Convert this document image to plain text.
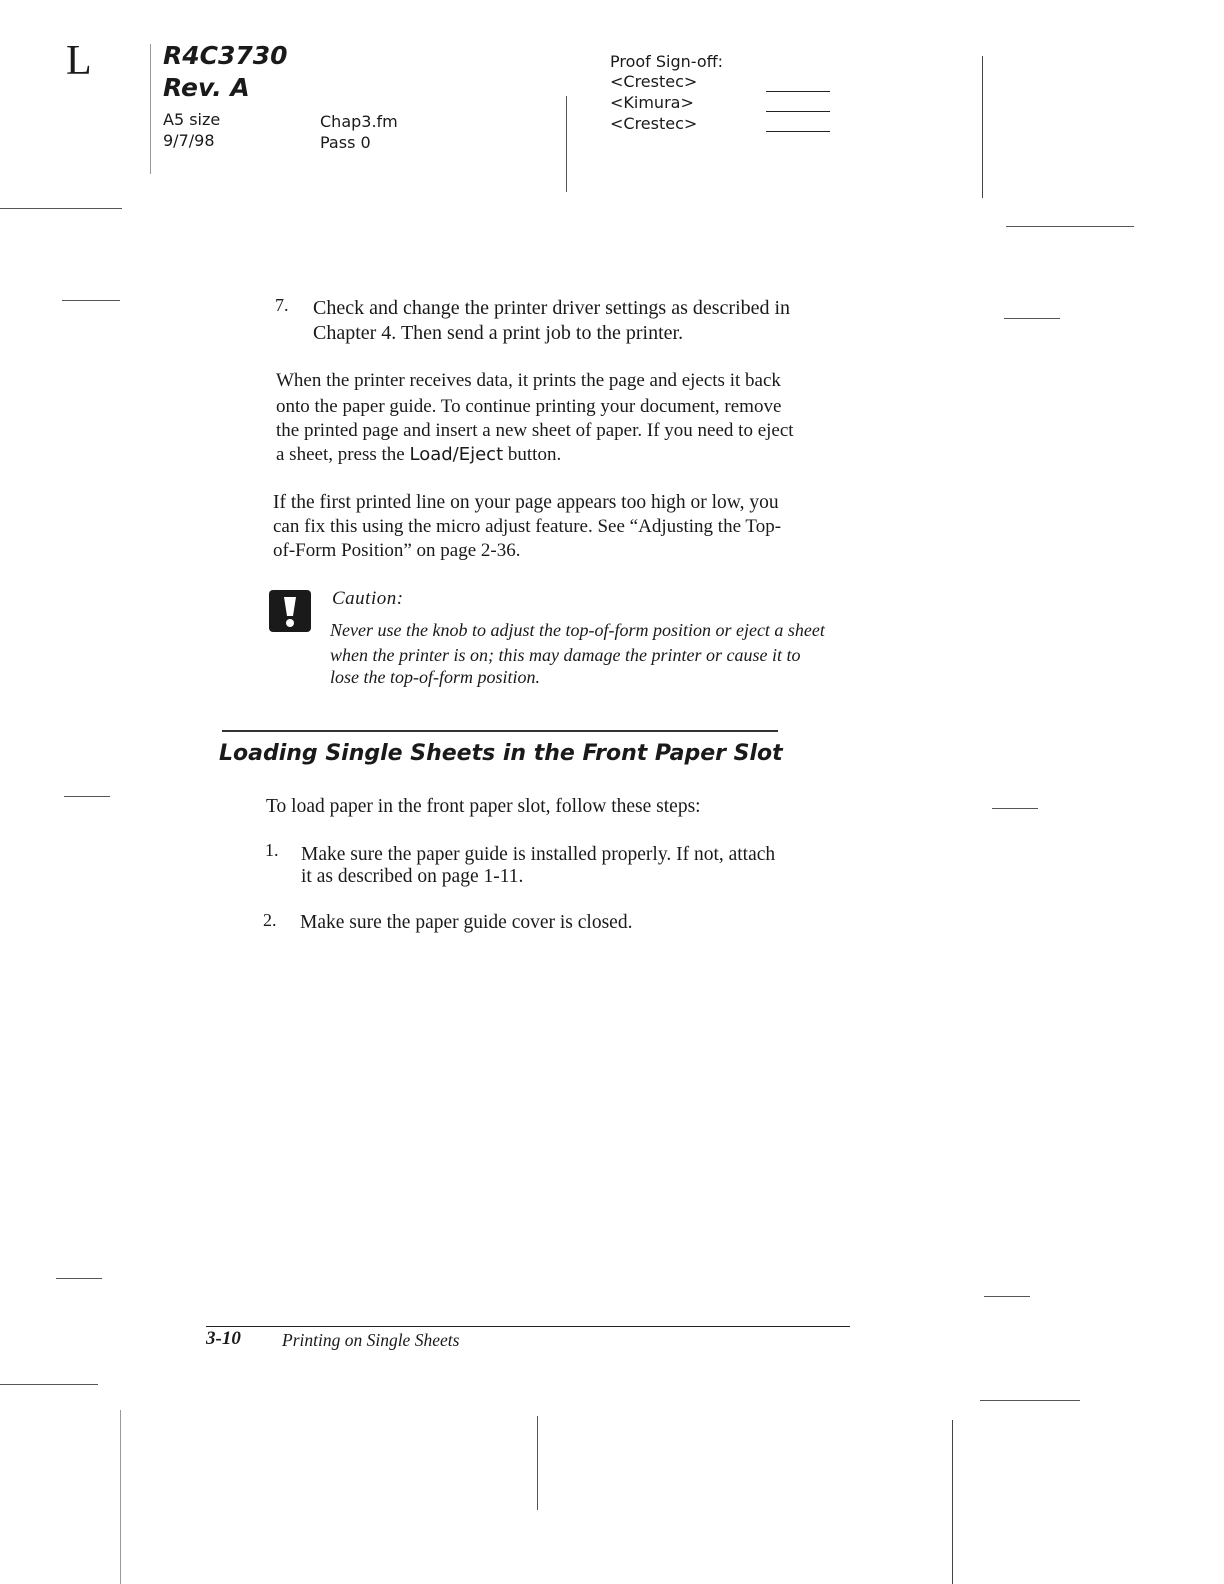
L	R4C3730
Rev. A
A5 size
9/7/98
Chap3.fm
Pass 0
Proof Sign-off:
<Crestec>
<Kimura>
<Crestec>
7. Check and change the printer driver settings as described in
Chapter 4. Then send a print job to the printer.
When the printer receives data, it prints the page and ejects it back
onto the paper guide. To continue printing your document, remove
the printed page and insert a new sheet of paper. If you need to eject
a sheet, press the Load/Eject button.
If the first printed line on your page appears too high or low, you
can fix this using the micro adjust feature. See “Adjusting the Top-
of-Form Position” on page 2-36.
Caution:
Never use the knob to adjust the top-of-form position or eject a sheet
when the printer is on; this may damage the printer or cause it to
lose the top-of-form position.
Loading Single Sheets in the Front Paper Slot
To load paper in the front paper slot, follow these steps:
1. Make sure the paper guide is installed properly. If not, attach
it as described on page 1-11.
2. Make sure the paper guide cover is closed.
3-10 Printing on Single Sheets
